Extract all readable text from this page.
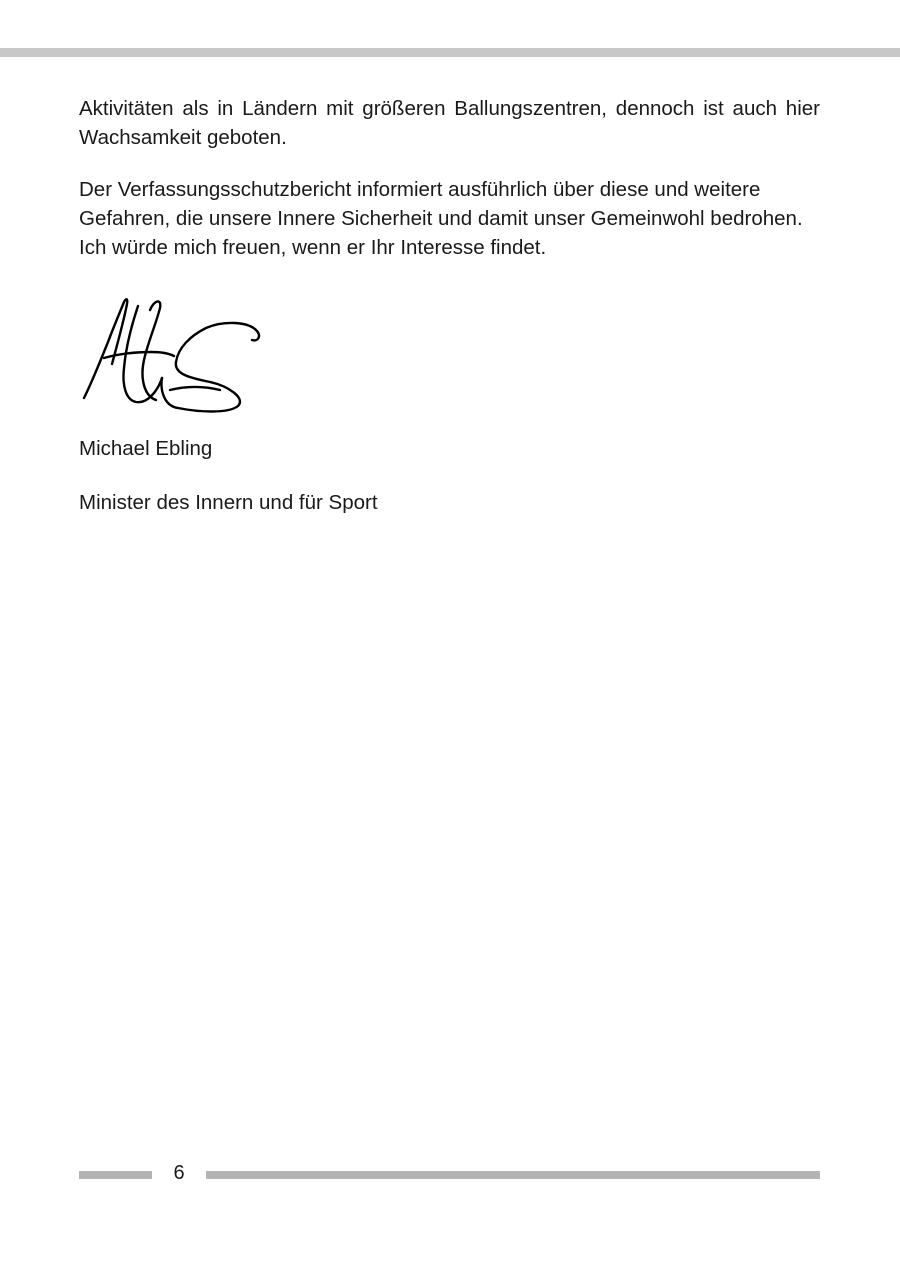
Aktivitäten als in Ländern mit größeren Ballungszentren, dennoch ist auch hier Wachsamkeit geboten.

Der Verfassungsschutzbericht informiert ausführlich über diese und weitere Gefahren, die unsere Innere Sicherheit und damit unser Gemeinwohl bedrohen. Ich würde mich freuen, wenn er Ihr Interesse findet.

Michael Ebling

Minister des Innern und für Sport

6
